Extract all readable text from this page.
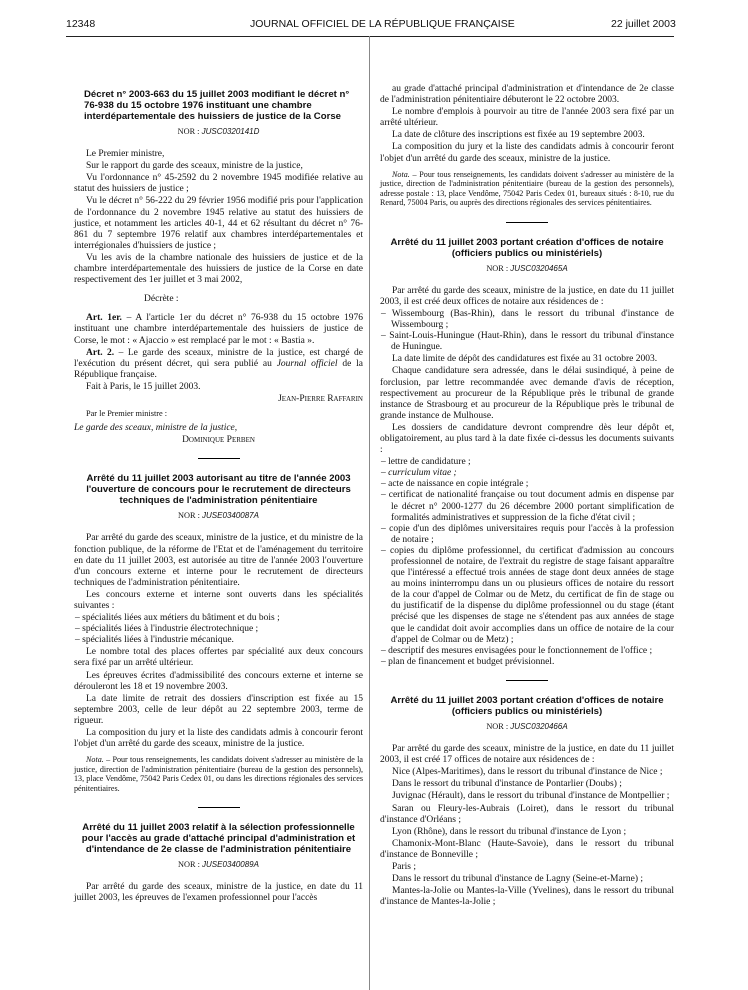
12348	JOURNAL OFFICIEL DE LA RÉPUBLIQUE FRANÇAISE	22 juillet 2003
Décret n° 2003-663 du 15 juillet 2003 modifiant le décret n° 76-938 du 15 octobre 1976 instituant une chambre interdépartementale des huissiers de justice de la Corse

NOR : JUSC0320141D

Le Premier ministre,

Sur le rapport du garde des sceaux, ministre de la justice,

Vu l'ordonnance n° 45-2592 du 2 novembre 1945 modifiée relative au statut des huissiers de justice ;

Vu le décret n° 56-222 du 29 février 1956 modifié pris pour l'application de l'ordonnance du 2 novembre 1945 relative au statut des huissiers de justice, et notamment les articles 40-1, 44 et 62 résultant du décret n° 76-861 du 7 septembre 1976 relatif aux chambres interdépartementales et interrégionales d'huissiers de justice ;

Vu les avis de la chambre nationale des huissiers de justice et de la chambre interdépartementale des huissiers de justice de la Corse en date respectivement des 1er juillet et 3 mai 2002,

Décrète :

Art. 1er. – A l'article 1er du décret n° 76-938 du 15 octobre 1976 instituant une chambre interdépartementale des huissiers de justice de Corse, le mot : « Ajaccio » est remplacé par le mot : « Bastia ».

Art. 2. – Le garde des sceaux, ministre de la justice, est chargé de l'exécution du présent décret, qui sera publié au Journal officiel de la République française.

Fait à Paris, le 15 juillet 2003.

Jean-Pierre Raffarin

Par le Premier ministre :

Le garde des sceaux, ministre de la justice,

Dominique Perben

Arrêté du 11 juillet 2003 autorisant au titre de l'année 2003 l'ouverture de concours pour le recrutement de directeurs techniques de l'administration pénitentiaire

NOR : JUSE0340087A

Par arrêté du garde des sceaux, ministre de la justice, et du ministre de la fonction publique, de la réforme de l'Etat et de l'aménagement du territoire en date du 11 juillet 2003, est autorisée au titre de l'année 2003 l'ouverture d'un concours externe et interne pour le recrutement de directeurs techniques de l'administration pénitentiaire.

Les concours externe et interne sont ouverts dans les spécialités suivantes :

– spécialités liées aux métiers du bâtiment et du bois ;
– spécialités liées à l'industrie électrotechnique ;
– spécialités liées à l'industrie mécanique.

Le nombre total des places offertes par spécialité aux deux concours sera fixé par un arrêté ultérieur.

Les épreuves écrites d'admissibilité des concours externe et interne se dérouleront les 18 et 19 novembre 2003.

La date limite de retrait des dossiers d'inscription est fixée au 15 septembre 2003, celle de leur dépôt au 22 septembre 2003, terme de rigueur.

La composition du jury et la liste des candidats admis à concourir feront l'objet d'un arrêté du garde des sceaux, ministre de la justice.

Nota. – Pour tous renseignements, les candidats doivent s'adresser au ministère de la justice, direction de l'administration pénitentiaire (bureau de la gestion des personnels), 13, place Vendôme, 75042 Paris Cedex 01, ou dans les directions régionales des services pénitentiaires.

Arrêté du 11 juillet 2003 relatif à la sélection professionnelle pour l'accès au grade d'attaché principal d'administration et d'intendance de 2e classe de l'administration pénitentiaire

NOR : JUSE0340089A

Par arrêté du garde des sceaux, ministre de la justice, en date du 11 juillet 2003, les épreuves de l'examen professionnel pour l'accès

au grade d'attaché principal d'administration et d'intendance de 2e classe de l'administration pénitentiaire débuteront le 22 octobre 2003.

Le nombre d'emplois à pourvoir au titre de l'année 2003 sera fixé par un arrêté ultérieur.

La date de clôture des inscriptions est fixée au 19 septembre 2003.

La composition du jury et la liste des candidats admis à concourir feront l'objet d'un arrêté du garde des sceaux, ministre de la justice.

Nota. – Pour tous renseignements, les candidats doivent s'adresser au ministère de la justice, direction de l'administration pénitentiaire (bureau de la gestion des personnels), adresse postale : 13, place Vendôme, 75042 Paris Cedex 01, bureaux situés : 8-10, rue du Renard, 75004 Paris, ou auprès des directions régionales des services pénitentiaires.

Arrêté du 11 juillet 2003 portant création d'offices de notaire (officiers publics ou ministériels)

NOR : JUSC0320465A

Par arrêté du garde des sceaux, ministre de la justice, en date du 11 juillet 2003, il est créé deux offices de notaire aux résidences de :

– Wissembourg (Bas-Rhin), dans le ressort du tribunal d'instance de Wissembourg ;
– Saint-Louis-Huningue (Haut-Rhin), dans le ressort du tribunal d'instance de Huningue.

La date limite de dépôt des candidatures est fixée au 31 octobre 2003.

Chaque candidature sera adressée, dans le délai susindiqué, à peine de forclusion, par lettre recommandée avec demande d'avis de réception, respectivement au procureur de la République près le tribunal de grande instance de Strasbourg et au procureur de la République près le tribunal de grande instance de Mulhouse.

Les dossiers de candidature devront comprendre dès leur dépôt et, obligatoirement, au plus tard à la date fixée ci-dessus les documents suivants :

– lettre de candidature ;
– curriculum vitae ;
– acte de naissance en copie intégrale ;
– certificat de nationalité française ou tout document admis en dispense par le décret n° 2000-1277 du 26 décembre 2000 portant simplification de formalités administratives et suppression de la fiche d'état civil ;
– copie d'un des diplômes universitaires requis pour l'accès à la profession de notaire ;
– copies du diplôme professionnel, du certificat d'admission au concours professionnel de notaire, de l'extrait du registre de stage faisant apparaître que l'intéressé a effectué trois années de stage dont deux années de stage au moins ininterrompu dans un ou plusieurs offices de notaire du ressort de la cour d'appel de Colmar ou de Metz, du certificat de fin de stage ou du justificatif de la dispense du diplôme professionnel ou du stage (étant précisé que les dispenses de stage ne s'étendent pas aux années de stage que le candidat doit avoir accomplies dans un office de notaire de la cour d'appel de Colmar ou de Metz) ;
– descriptif des mesures envisagées pour le fonctionnement de l'office ;
– plan de financement et budget prévisionnel.
Arrêté du 11 juillet 2003 portant création d'offices de notaire (officiers publics ou ministériels)

NOR : JUSC0320466A

Par arrêté du garde des sceaux, ministre de la justice, en date du 11 juillet 2003, il est créé 17 offices de notaire aux résidences de :

Nice (Alpes-Maritimes), dans le ressort du tribunal d'instance de Nice ;

Dans le ressort du tribunal d'instance de Pontarlier (Doubs) ;

Juvignac (Hérault), dans le ressort du tribunal d'instance de Montpellier ;

Saran ou Fleury-les-Aubrais (Loiret), dans le ressort du tribunal d'instance d'Orléans ;

Lyon (Rhône), dans le ressort du tribunal d'instance de Lyon ;

Chamonix-Mont-Blanc (Haute-Savoie), dans le ressort du tribunal d'instance de Bonneville ;

Paris ;

Dans le ressort du tribunal d'instance de Lagny (Seine-et-Marne) ;

Mantes-la-Jolie ou Mantes-la-Ville (Yvelines), dans le ressort du tribunal d'instance de Mantes-la-Jolie ;
